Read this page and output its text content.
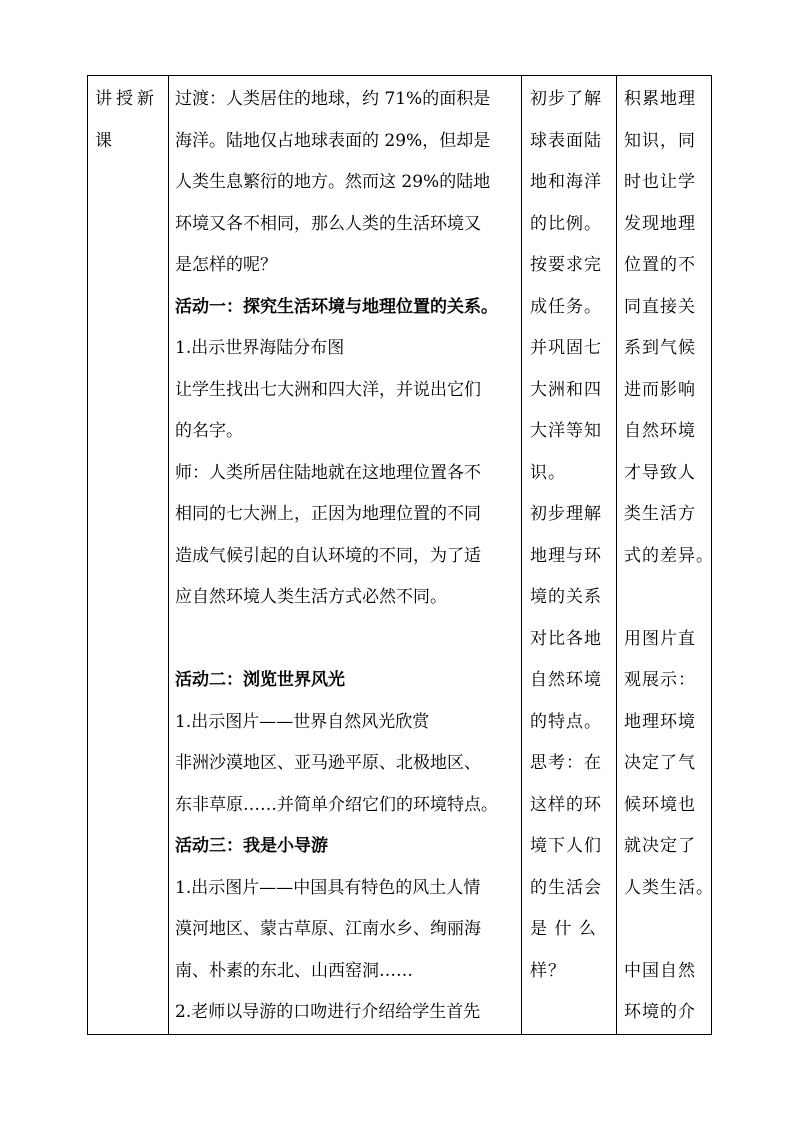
讲授新
课

过渡：人类居住的地球，约 71%的面积是
海洋。陆地仅占地球表面的 29%，但却是
人类生息繁衍的地方。然而这 29%的陆地
环境又各不相同，那么人类的生活环境又
是怎样的呢？
活动一：探究生活环境与地理位置的关系。
1.出示世界海陆分布图
让学生找出七大洲和四大洋，并说出它们
的名字。
师：人类所居住陆地就在这地理位置各不
相同的七大洲上，正因为地理位置的不同
造成气候引起的自认环境的不同，为了适
应自然环境人类生活方式必然不同。
活动二：浏览世界风光
1.出示图片——世界自然风光欣赏
非洲沙漠地区、亚马逊平原、北极地区、
东非草原……并简单介绍它们的环境特点。
活动三：我是小导游
1.出示图片——中国具有特色的风土人情
漠河地区、蒙古草原、江南水乡、绚丽海
南、朴素的东北、山西窑洞……
2.老师以导游的口吻进行介绍给学生首先

初步了解
球表面陆
地和海洋
的比例。
按要求完
成任务。
并巩固七
大洲和四
大洋等知
识。
初步理解
地理与环
境的关系
对比各地
自然环境
的特点。
思考：在
这样的环
境下人们
的生活会
是 什 么
样？

积累地理
知识，同
时也让学
发现地理
位置的不
同直接关
系到气候
进而影响
自然环境
才导致人
类生活方
式的差异。
用图片直
观展示：
地理环境
决定了气
候环境也
就决定了
人类生活。
中国自然
环境的介
